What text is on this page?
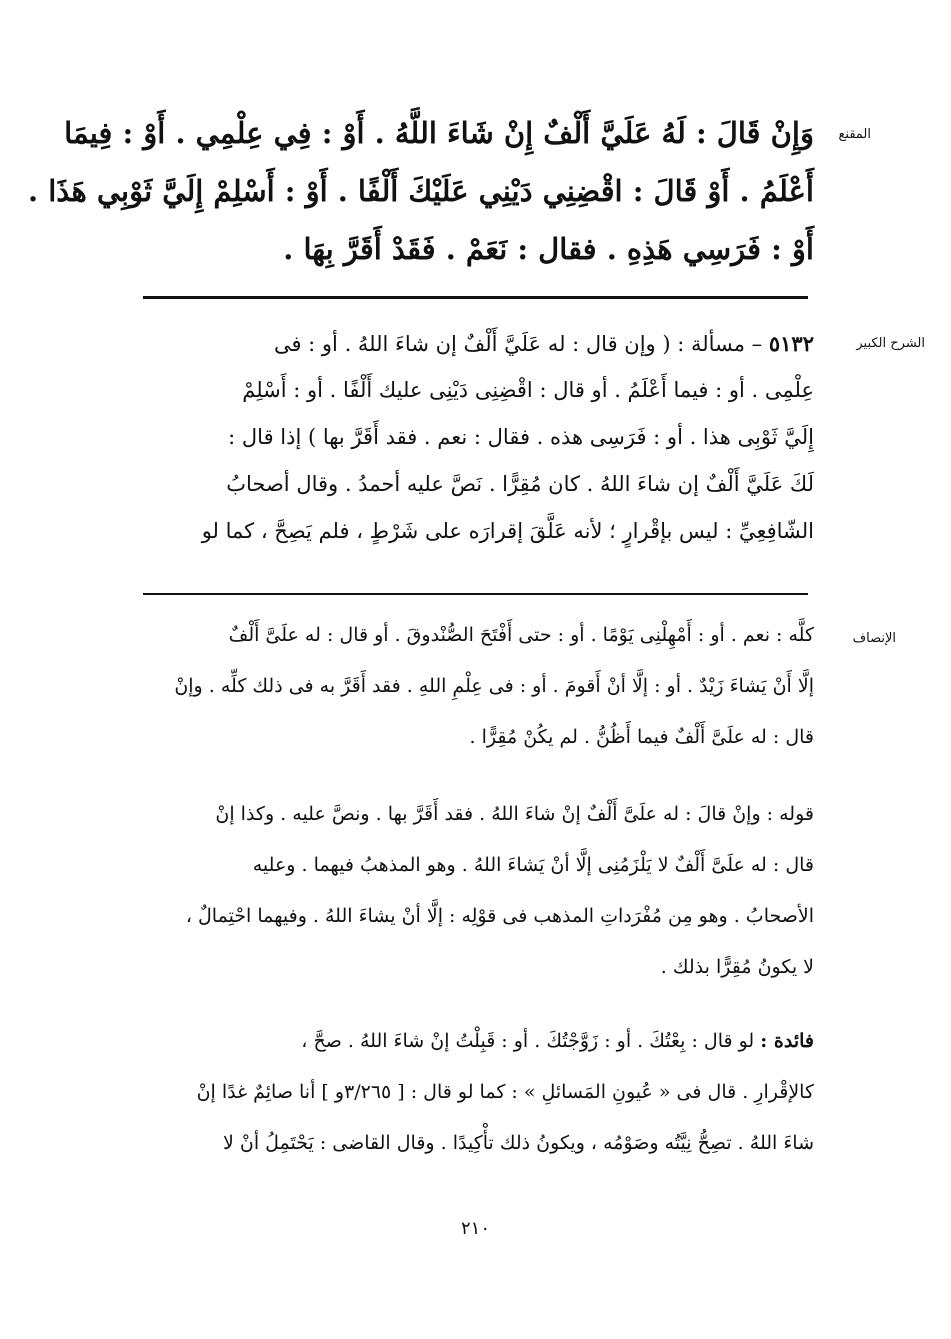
المقنع
وَإِنْ قَالَ : لَهُ عَلَيَّ أَلْفٌ إِنْ شَاءَ اللَّهُ . أَوْ : فِي عِلْمِي . أَوْ : فِيمَا
أَعْلَمُ . أَوْ قَالَ : اقْضِنِي دَيْنِي عَلَيْكَ أَلْفًا . أَوْ : أَسْلِمْ إِلَيَّ ثَوْبِي هَذَا .
أَوْ : فَرَسِي هَذِهِ . فقال : نَعَمْ . فَقَدْ أَقَرَّ بِهَا .
الشرح الكبير
٥١٣٢ – مسألة : ( وإن قال : له عَلَيَّ أَلْفٌ إن شاءَ اللهُ . أو : فى
عِلْمِى . أو : فيما أَعْلَمُ . أو قال : اقْضِنِى دَيْنِى عليك أَلْفًا . أو : أَسْلِمْ
إِلَيَّ ثَوْبِى هذا . أو : فَرَسِى هذه . فقال : نعم . فقد أَقَرَّ بها ) إذا قال :
لَكَ عَلَيَّ أَلْفٌ إن شاءَ اللهُ . كان مُقِرًّا . نَصَّ عليه أحمدُ . وقال أصحابُ
الشّافِعِيِّ : ليس بإقْرارٍ ؛ لأنه عَلَّقَ إقرارَه على شَرْطٍ ، فلم يَصِحَّ ، كما لو
الإنصاف
كلَّه : نعم . أو : أَمْهِلْنِى يَوْمًا . أو : حتى أَفْتَحَ الصُّنْدوقَ . أو قال : له علَىَّ أَلْفٌ
إلَّا أَنْ يَشاءَ زَيْدٌ . أو : إلَّا أنْ أَقومَ . أو : فى عِلْمِ اللهِ . فقد أَقَرَّ به فى ذلك كلِّه . وإنْ
قال : له علَىَّ أَلْفٌ فيما أَظُنُّ . لم يكُنْ مُقِرًّا .
قوله : وإنْ قالَ : له علَىَّ أَلْفٌ إنْ شاءَ اللهُ . فقد أَقَرَّ بها . ونصَّ عليه . وكذا إنْ
قال : له علَىَّ أَلْفٌ لا يَلْزَمُنِى إلَّا أنْ يَشاءَ اللهُ . وهو المذهبُ فيهما . وعليه
الأصحابُ . وهو مِن مُفْرَداتِ المذهب فى قوْلِه : إلَّا أنْ يشاءَ اللهُ . وفيهما احْتِمالٌ ،
لا يكونُ مُقِرًّا بذلك .
فائدة : لو قال : بِعْتُكَ . أو : زَوَّجْتُكَ . أو : قَبِلْتُ إنْ شاءَ اللهُ . صحَّ ،
كالإقْرارِ . قال فى « عُيونِ المَسائلِ » : كما لو قال : [ ٣/٢٦٥و ] أنا صائِمٌ غدًا إنْ
شاءَ اللهُ . تصِحُّ نِيَّتُه وصَوْمُه ، ويكونُ ذلك تأْكِيدًا . وقال القاضى : يَحْتَمِلُ أنْ لا
٢١٠
